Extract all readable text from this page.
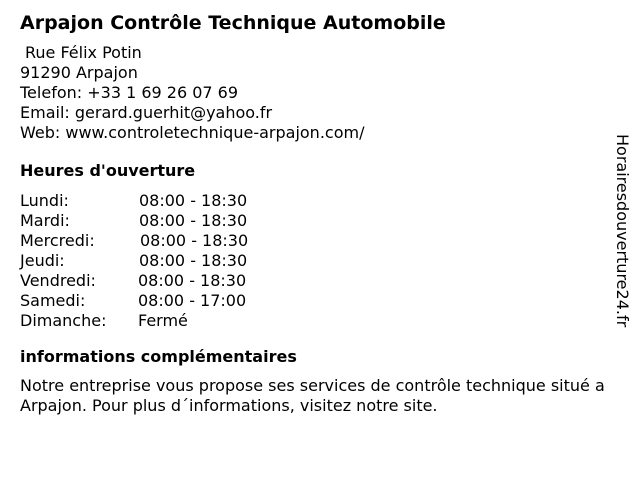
Arpajon Contrôle Technique Automobile
Rue Félix Potin
91290 Arpajon
Telefon: +33 1 69 26 07 69
Email: gerard.guerhit@yahoo.fr
Web: www.controletechnique-arpajon.com/
Heures d'ouverture
Lundi:	08:00 - 18:30
Mardi:	08:00 - 18:30
Mercredi:	08:00 - 18:30
Jeudi:	08:00 - 18:30
Vendredi:	08:00 - 18:30
Samedi:	08:00 - 17:00
Dimanche:	Fermé
informations complémentaires
Notre entreprise vous propose ses services de contrôle technique situé a Arpajon. Pour plus d´informations, visitez notre site.
Horairesdouverture24.fr
